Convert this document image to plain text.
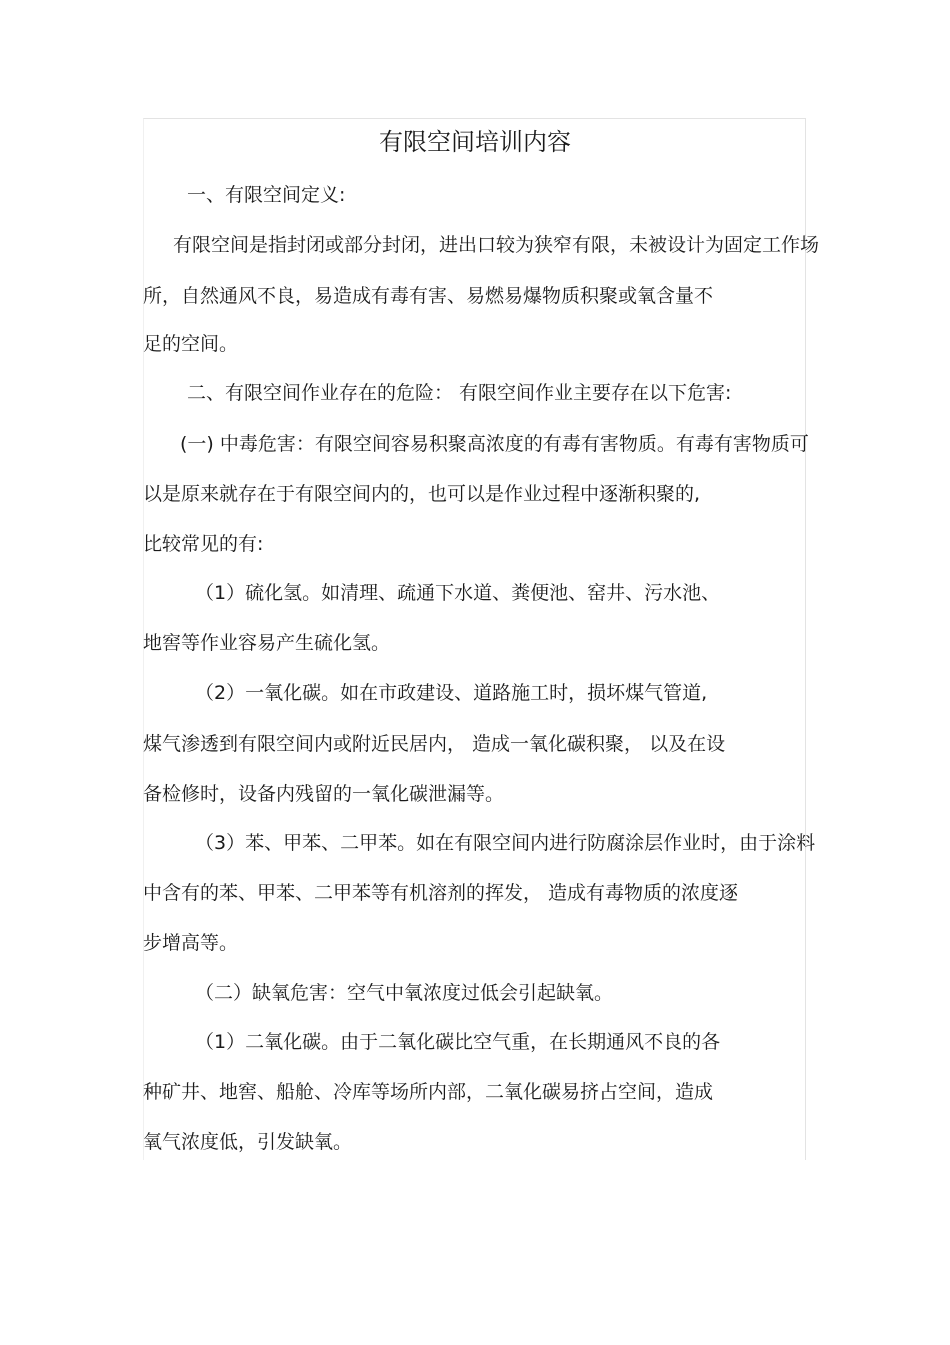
有限空间培训内容
一、有限空间定义:
有限空间是指封闭或部分封闭，进出口较为狭窄有限，未被设计为固定工作场
所，自然通风不良，易造成有毒有害、易燃易爆物质积聚或氧含量不
足的空间。
二、有限空间作业存在的危险： 有限空间作业主要存在以下危害:
(一) 中毒危害：有限空间容易积聚高浓度的有毒有害物质。有毒有害物质可
以是原来就存在于有限空间内的，也可以是作业过程中逐渐积聚的,
比较常见的有:
（1）硫化氢。如清理、疏通下水道、粪便池、窑井、污水池、
地窖等作业容易产生硫化氢。
（2）一氧化碳。如在市政建设、道路施工时，损坏煤气管道,
煤气渗透到有限空间内或附近民居内， 造成一氧化碳积聚， 以及在设
备检修时，设备内残留的一氧化碳泄漏等。
（3）苯、甲苯、二甲苯。如在有限空间内进行防腐涂层作业时，由于涂料
中含有的苯、甲苯、二甲苯等有机溶剂的挥发， 造成有毒物质的浓度逐
步增高等。
（二）缺氧危害：空气中氧浓度过低会引起缺氧。
（1）二氧化碳。由于二氧化碳比空气重，在长期通风不良的各
种矿井、地窖、船舱、冷库等场所内部，二氧化碳易挤占空间，造成
氧气浓度低，引发缺氧。
